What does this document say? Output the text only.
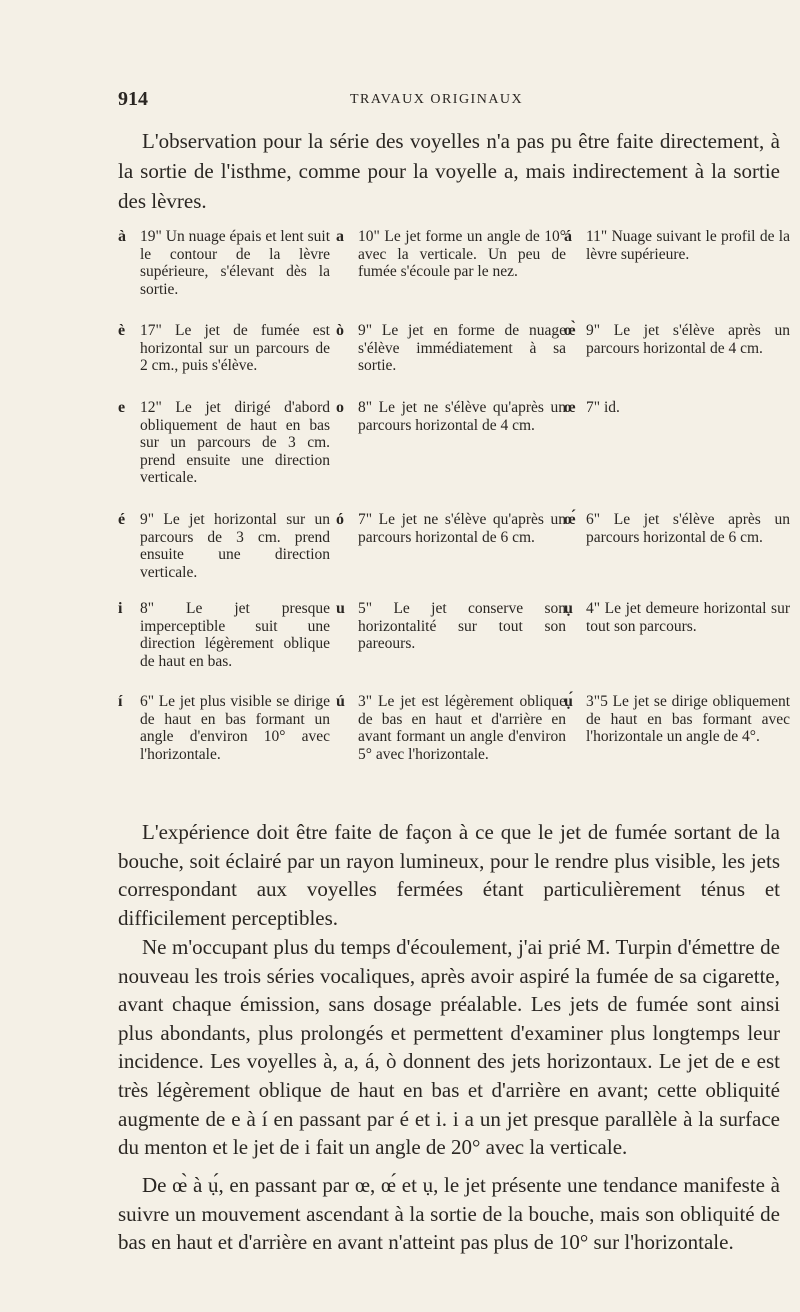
914	TRAVAUX ORIGINAUX

L'observation pour la série des voyelles n'a pas pu être faite directement, à la sortie de l'isthme, comme pour la voyelle a, mais indirectement à la sortie des lèvres.

à 19" Un nuage épais et lent suit le contour de la lèvre supérieure, s'élevant dès la sortie.
è 17" Le jet de fumée est horizontal sur un parcours de 2 cm., puis s'élève.
e 12" Le jet dirigé d'abord obliquement de haut en bas sur un parcours de 3 cm. prend ensuite une direction verticale.
é 9" Le jet horizontal sur un parcours de 3 cm. prend ensuite une direction verticale.
i 8" Le jet presque imperceptible suit une direction légèrement oblique de haut en bas.
í 6" Le jet plus visible se dirige de haut en bas formant un angle d'environ 10° avec l'horizontale.
a 10" Le jet forme un angle de 10° avec la verticale. Un peu de fumée s'écoule par le nez.
ò 9" Le jet en forme de nuage s'élève immédiatement à sa sortie.
o 8" Le jet ne s'élève qu'après un parcours horizontal de 4 cm.
ó 7" Le jet ne s'élève qu'après un parcours horizontal de 6 cm.
u 5" Le jet conserve son horizontalité sur tout son pareours.
ú 3" Le jet est légèrement oblique de bas en haut et d'arrière en avant formant un angle d'environ 5° avec l'horizontale.
á 11" Nuage suivant le profil de la lèvre supérieure.
œ̀ 9" Le jet s'élève après un parcours horizontal de 4 cm.
œ 7" id.
œ́ 6" Le jet s'élève après un parcours horizontal de 6 cm.
ụ 4" Le jet demeure horizontal sur tout son parcours.
ụ́ 3"5 Le jet se dirige obliquement de haut en bas formant avec l'horizontale un angle de 4°.

L'expérience doit être faite de façon à ce que le jet de fumée sortant de la bouche, soit éclairé par un rayon lumineux, pour le rendre plus visible, les jets correspondant aux voyelles fermées étant particulièrement ténus et difficilement perceptibles.

Ne m'occupant plus du temps d'écoulement, j'ai prié M. Turpin d'émettre de nouveau les trois séries vocaliques, après avoir aspiré la fumée de sa cigarette, avant chaque émission, sans dosage préalable. Les jets de fumée sont ainsi plus abondants, plus prolongés et permettent d'examiner plus longtemps leur incidence. Les voyelles à, a, á, ò donnent des jets horizontaux. Le jet de e est très légèrement oblique de haut en bas et d'arrière en avant; cette obliquité augmente de e à í en passant par é et i. i a un jet presque parallèle à la surface du menton et le jet de i fait un angle de 20° avec la verticale.

De œ̀ à ụ́, en passant par œ, œ́ et ụ, le jet présente une tendance manifeste à suivre un mouvement ascendant à la sortie de la bouche, mais son obliquité de bas en haut et d'arrière en avant n'atteint pas plus de 10° sur l'horizontale.
